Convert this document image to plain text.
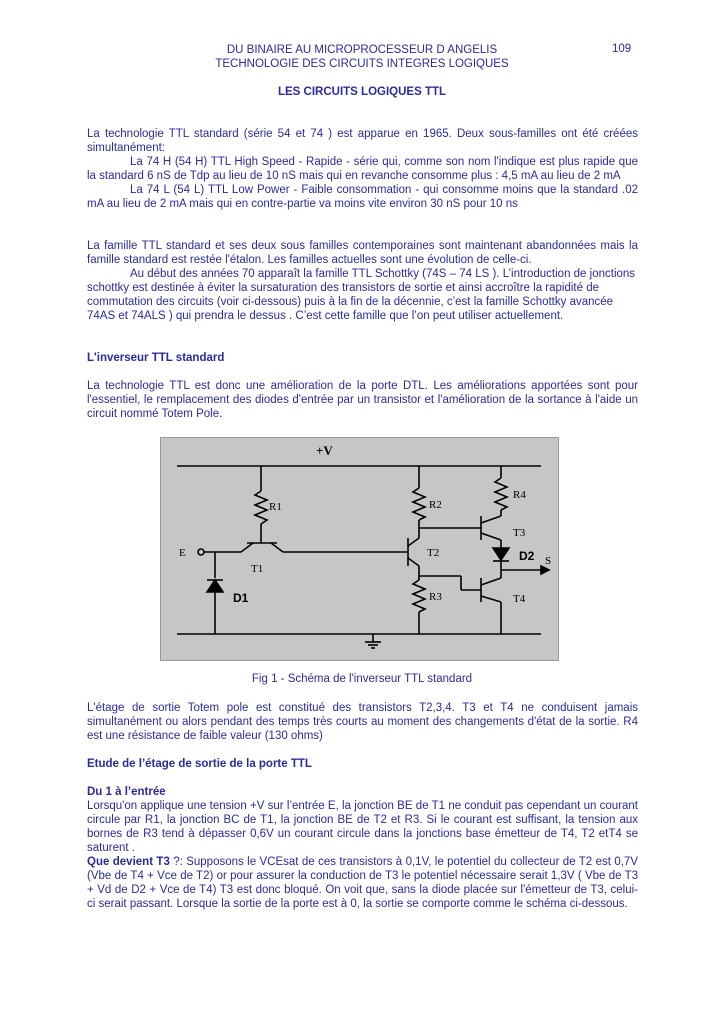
DU BINAIRE AU MICROPROCESSEUR D ANGELIS
TECHNOLOGIE DES CIRCUITS INTEGRES LOGIQUES
109
LES CIRCUITS LOGIQUES TTL

La technologie TTL standard (série 54 et 74 ) est apparue en 1965. Deux sous-familles ont été créées simultanément:

La 74 H (54 H) TTL High Speed - Rapide - série qui, comme son nom l'indique est plus rapide que la standard 6 nS de Tdp au lieu de 10 nS mais qui en revanche consomme plus : 4,5 mA au lieu de 2 mA

La 74 L (54 L) TTL Low Power - Faible consommation - qui consomme moins que la standard .02 mA au lieu de 2 mA mais qui en contre-partie va moins vite environ 30 nS pour 10 ns

La famille TTL standard et ses deux sous familles contemporaines sont maintenant abandonnées mais la famille standard est restée l'étalon. Les familles actuelles sont une évolution de celle-ci.

Au début des années 70 apparaît la famille TTL Schottky (74S – 74 LS ). L’introduction de jonctions schottky est destinée à éviter la sursaturation des transistors de sortie et ainsi accroître la rapidité de commutation des circuits (voir ci-dessous) puis à la fin de la décennie, c’est la famille Schottky avancée 74AS et 74ALS ) qui prendra le dessus . C’est cette famille que l’on peut utiliser actuellement.

L'inverseur TTL standard
La technologie TTL est donc une amélioration de la porte DTL. Les améliorations apportées sont pour l'essentiel, le remplacement des diodes d'entrée par un transistor et l'amélioration de la sortance à l'aide un circuit nommé Totem Pole.
+V
R1	R2
R3
R4
T1
T2
T3
T4
E
D1
D2 S
Fig 1 - Schéma de l'inverseur TTL standard
L'étage de sortie Totem pole est constitué des transistors T2,3,4. T3 et T4 ne conduisent jamais simultanément ou alors pendant des temps très courts au moment des changements d'état de la sortie. R4 est une résistance de faible valeur (130 ohms)
Etude de l’étage de sortie de la porte TTL
Du 1 à l’entrée

Lorsqu'on applique une tension +V sur l’entrée E, la jonction BE de T1 ne conduit pas cependant un courant circule par R1, la jonction BC de T1, la jonction BE de T2 et R3. Si le courant est suffisant, la tension aux bornes de R3 tend à dépasser 0,6V un courant circule dans la jonctions base émetteur de T4, T2 etT4 se saturent .

Que devient T3 ?: Supposons le VCEsat de ces transistors à 0,1V, le potentiel du collecteur de T2 est 0,7V (Vbe de T4 + Vce de T2) or pour assurer la conduction de T3 le potentiel nécessaire serait 1,3V ( Vbe de T3 + Vd de D2 + Vce de T4) T3 est donc bloqué. On voit que, sans la diode placée sur l'émetteur de T3, celui-ci serait passant. Lorsque la sortie de la porte est à 0, la sortie se comporte comme le schéma ci-dessous.
